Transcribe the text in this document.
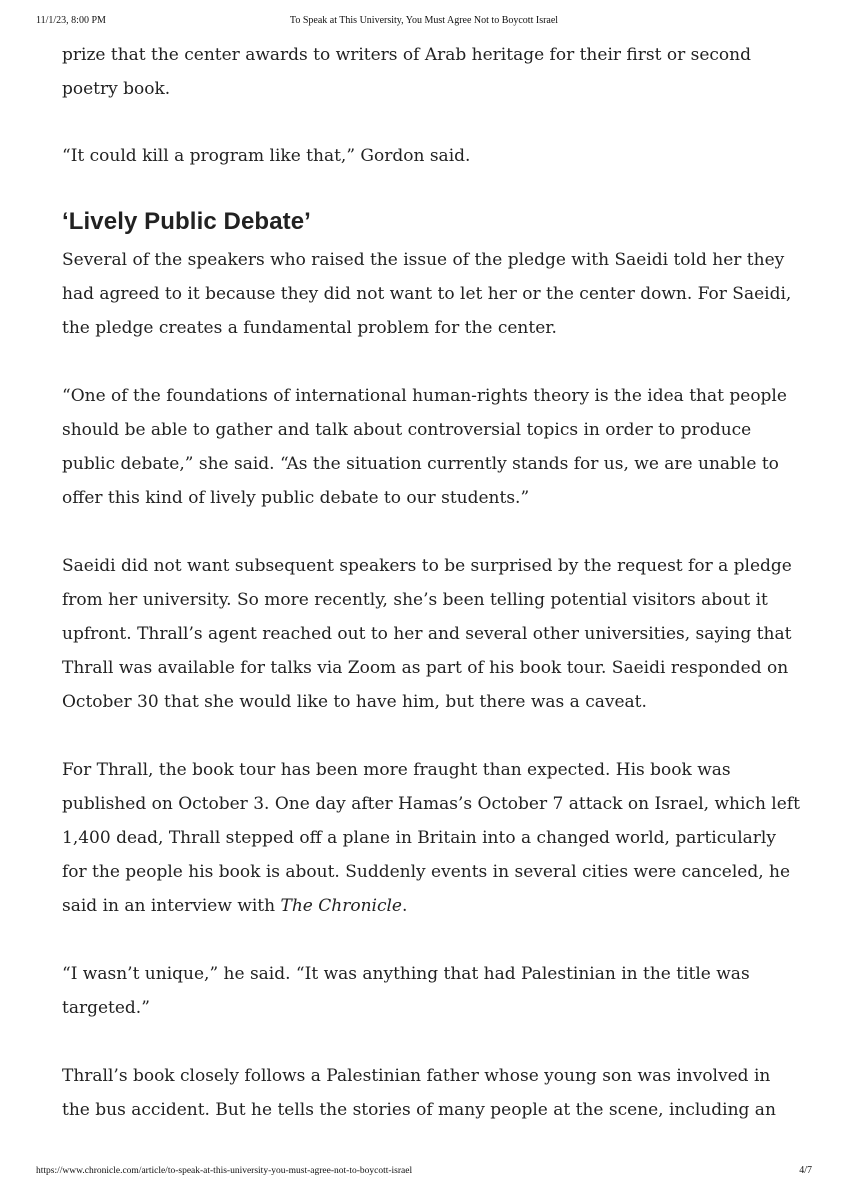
11/1/23, 8:00 PM	To Speak at This University, You Must Agree Not to Boycott Israel

prize that the center awards to writers of Arab heritage for their first or second poetry book.

“It could kill a program like that,” Gordon said.

‘Lively Public Debate’

Several of the speakers who raised the issue of the pledge with Saeidi told her they had agreed to it because they did not want to let her or the center down. For Saeidi, the pledge creates a fundamental problem for the center.

“One of the foundations of international human-rights theory is the idea that people should be able to gather and talk about controversial topics in order to produce public debate,” she said. “As the situation currently stands for us, we are unable to offer this kind of lively public debate to our students.”

Saeidi did not want subsequent speakers to be surprised by the request for a pledge from her university. So more recently, she’s been telling potential visitors about it upfront. Thrall’s agent reached out to her and several other universities, saying that Thrall was available for talks via Zoom as part of his book tour. Saeidi responded on October 30 that she would like to have him, but there was a caveat.

For Thrall, the book tour has been more fraught than expected. His book was published on October 3. One day after Hamas’s October 7 attack on Israel, which left 1,400 dead, Thrall stepped off a plane in Britain into a changed world, particularly for the people his book is about. Suddenly events in several cities were canceled, he said in an interview with The Chronicle.

“I wasn’t unique,” he said. “It was anything that had Palestinian in the title was targeted.”

Thrall’s book closely follows a Palestinian father whose young son was involved in the bus accident. But he tells the stories of many people at the scene, including an

https://www.chronicle.com/article/to-speak-at-this-university-you-must-agree-not-to-boycott-israel	4/7
